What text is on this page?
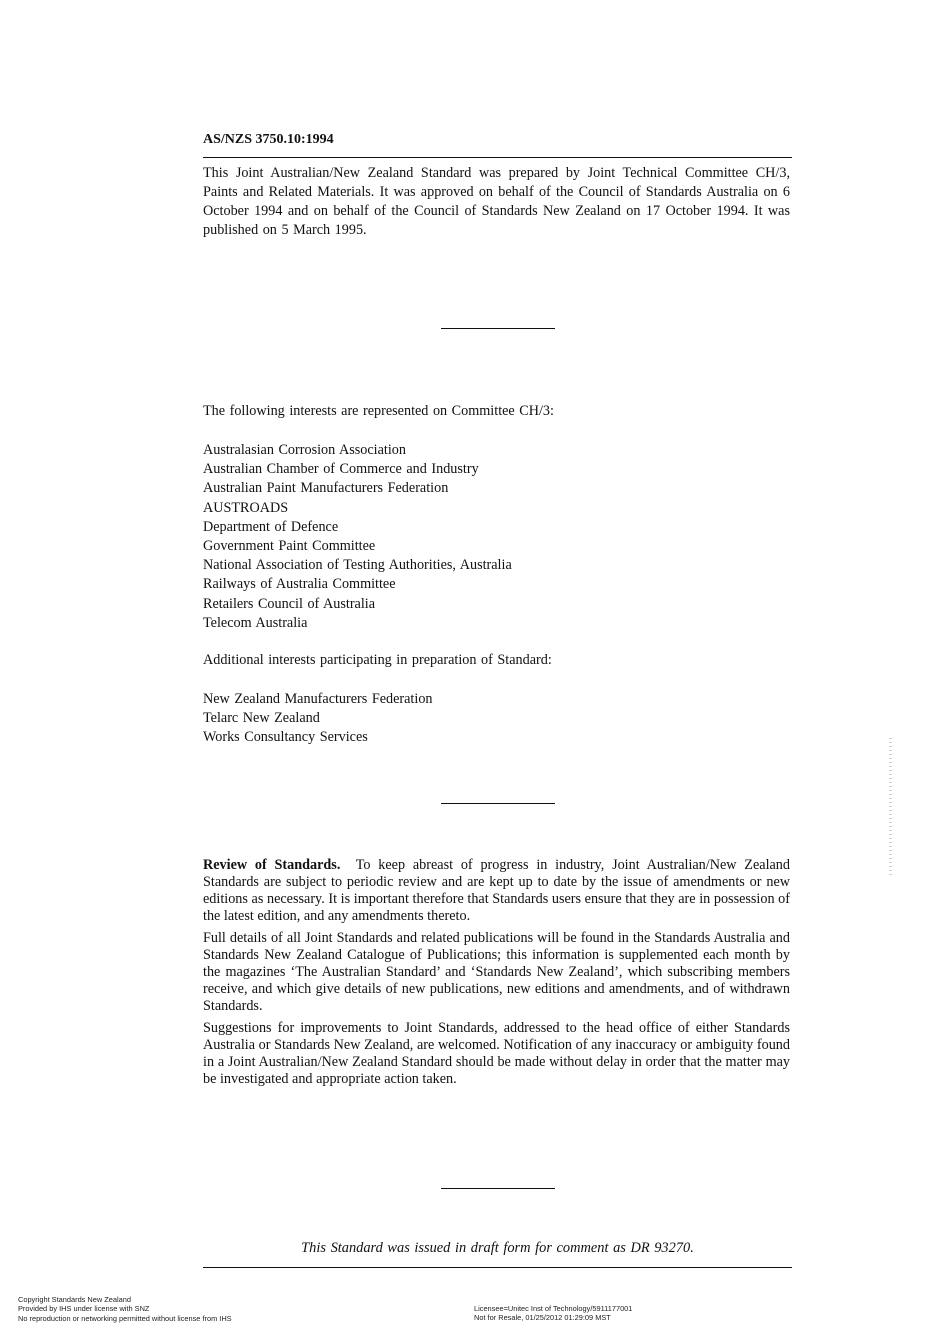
AS/NZS 3750.10:1994
This Joint Australian/New Zealand Standard was prepared by Joint Technical Committee CH/3, Paints and Related Materials. It was approved on behalf of the Council of Standards Australia on 6 October 1994 and on behalf of the Council of Standards New Zealand on 17 October 1994. It was published on 5 March 1995.
The following interests are represented on Committee CH/3:
Australasian Corrosion Association
Australian Chamber of Commerce and Industry
Australian Paint Manufacturers Federation
AUSTROADS
Department of Defence
Government Paint Committee
National Association of Testing Authorities, Australia
Railways of Australia Committee
Retailers Council of Australia
Telecom Australia
Additional interests participating in preparation of Standard:
New Zealand Manufacturers Federation
Telarc New Zealand
Works Consultancy Services

Review of Standards. To keep abreast of progress in industry, Joint Australian/New Zealand Standards are subject to periodic review and are kept up to date by the issue of amendments or new editions as necessary. It is important therefore that Standards users ensure that they are in possession of the latest edition, and any amendments thereto.

Full details of all Joint Standards and related publications will be found in the Standards Australia and Standards New Zealand Catalogue of Publications; this information is supplemented each month by the magazines ‘The Australian Standard’ and ‘Standards New Zealand’, which subscribing members receive, and which give details of new publications, new editions and amendments, and of withdrawn Standards.

Suggestions for improvements to Joint Standards, addressed to the head office of either Standards Australia or Standards New Zealand, are welcomed. Notification of any inaccuracy or ambiguity found in a Joint Australian/New Zealand Standard should be made without delay in order that the matter may be investigated and appropriate action taken.

This Standard was issued in draft form for comment as DR 93270.
Copyright Standards New Zealand
Provided by IHS under license with SNZ
No reproduction or networking permitted without license from IHS
Licensee=Unitec Inst of Technology/5911177001
Not for Resale, 01/25/2012 01:29:09 MST
